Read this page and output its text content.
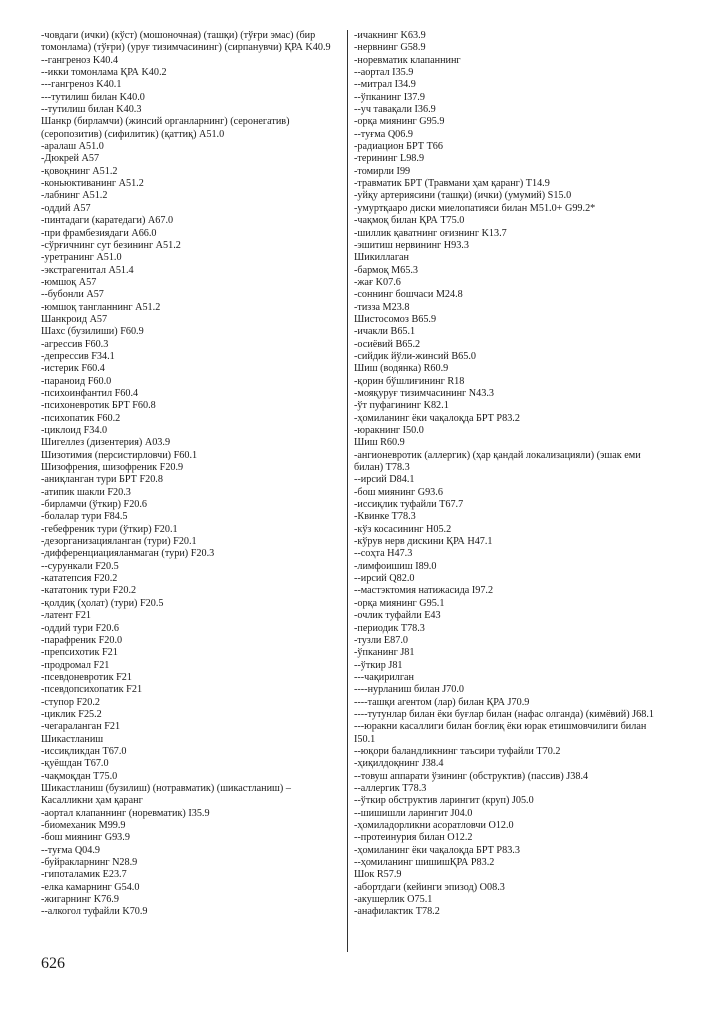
-човдаги (ички) (кўст) (мошоночная) (ташқи) (тўғри эмас) (бир томонлама) (тўғри) (уруғ тизимчасининг) (сирпанувчи) ҚРА K40.9
--гангреноз K40.4
--икки томонлама ҚРА K40.2
---гангреноз K40.1
---тутилиш билан K40.0
--тутилиш билан K40.3
Шанкр (бирламчи) (жинсий органларнинг) (серонегатив) (серопозитив) (сифилитик) (қаттиқ) A51.0
-аралаш A51.0
-Дюкрей A57
-қовоқнинг A51.2
-коньюктиванинг A51.2
-лабнинг A51.2
-оддий A57
-пинтадаги (каратедаги) A67.0
-при фрамбезиядаги A66.0
-сўрғичнинг сут безининг A51.2
-уретранинг A51.0
-экстрагенитал A51.4
-юмшоқ A57
--бубонли A57
-юмшоқ тангланнинг A51.2
Шанкроид A57
Шахс (бузилиши) F60.9
-агрессив F60.3
-депрессив F34.1
-истерик F60.4
-параноид F60.0
-психоинфантил F60.4
-психоневротик БРТ F60.8
-психопатик F60.2
-циклоид F34.0
Шигеллез (дизентерия) A03.9
Шизотимия (персистирловчи) F60.1
Шизофрения, шизофреник F20.9
-аниқланган тури БРТ F20.8
-атипик шакли F20.3
-бирламчи (ўткир) F20.6
-болалар тури F84.5
-гебефреник тури (ўткир) F20.1
-дезорганизацияланган (тури) F20.1
-дифференциацияланмаган (тури) F20.3
--сурункали F20.5
-кататепсия F20.2
-кататоник тури F20.2
-қолдиқ (ҳолат) (тури) F20.5
-латент F21
-оддий тури F20.6
-парафреник F20.0
-препсихотик F21
-продромал F21
-псевдоневротик F21
-псевдопсихопатик F21
-ступор F20.2
-циклик F25.2
-чегараланган F21
Шикастланиш
-иссиқликдан T67.0
-қуёшдан T67.0
-чақмоқдан T75.0
Шикастланиш (бузилиш) (нотравматик) (шикастланиш) – Касалликни ҳам қаранг
-аортал клапаннинг (норевматик) I35.9
-биомеханик M99.9
-бош миянинг G93.9
--туғма Q04.9
-буйракларнинг N28.9
-гипоталамик E23.7
-елка камарнинг G54.0
-жигарнинг K76.9
--алкогол туфайли K70.9
-ичакнинг K63.9
-нервнинг G58.9
-норевматик клапаннинг
--аортал I35.9
--митрал I34.9
--ўпканинг I37.9
--уч тавақали I36.9
-орқа миянинг G95.9
--туғма Q06.9
-радиацион БРТ T66
-терининг L98.9
-томирли I99
-травматик БРТ (Травмани ҳам қаранг) T14.9
-уйқу артериясини (ташқи) (ички) (умумий) S15.0
-умуртқааро диски миелопатияси билан M51.0+ G99.2*
-чақмоқ билан ҚРА T75.0
-шиллик қаватнинг оғизнинг K13.7
-эшитиш нервининг H93.3
Шикиллаган
-бармоқ M65.3
-жағ K07.6
-соннинг бошчаси M24.8
-тизза M23.8
Шистосомоз B65.9
-ичакли B65.1
-осиёвий B65.2
-сийдик йўли-жинсий B65.0
Шиш (водянка) R60.9
-қорин бўшлиғининг R18
-мояқуруғ тизимчасининг N43.3
-ўт пуфагининг K82.1
-ҳомиланинг ёки чақалоқда БРТ P83.2
-юракнинг I50.0
Шиш R60.9
-ангионевротик (аллергик) (ҳар қандай локализацияли) (эшак еми билан) T78.3
--ирсий D84.1
-бош миянинг G93.6
-иссиқлик туфайли T67.7
-Квинке T78.3
-кўз косасининг H05.2
-кўрув нерв дискини ҚРА H47.1
--соҳта H47.3
-лимфоишиш I89.0
--ирсий Q82.0
--мастэктомия натижасида I97.2
-орқа миянинг G95.1
-очлик туфайли E43
-периодик T78.3
-тузли E87.0
-ўпканинг J81
--ўткир J81
---чақирилган
----нурланиш билан J70.0
----ташқи агентом (лар) билан ҚРА J70.9
----тутунлар билан ёки буғлар билан (нафас олганда) (кимёвий) J68.1
---юракни касаллиги билан боғлиқ ёки юрак етишмовчилиги билан I50.1
--юқори баландликнинг таъсири туфайли T70.2
-ҳиқилдоқнинг J38.4
--товуш аппарати ўзининг (обструктив) (пассив) J38.4
--аллергик T78.3
--ўткир обструктив ларингит (круп) J05.0
--шишишли ларингит J04.0
-ҳомиладорликни асоратловчи O12.0
--протеинурия билан O12.2
-ҳомиланинг ёки чақалоқда БРТ P83.3
--ҳомиланинг шишишҚРА P83.2
Шок R57.9
-абортдаги (кейинги эпизод) O08.3
-акушерлик O75.1
-анафилактик T78.2
626
